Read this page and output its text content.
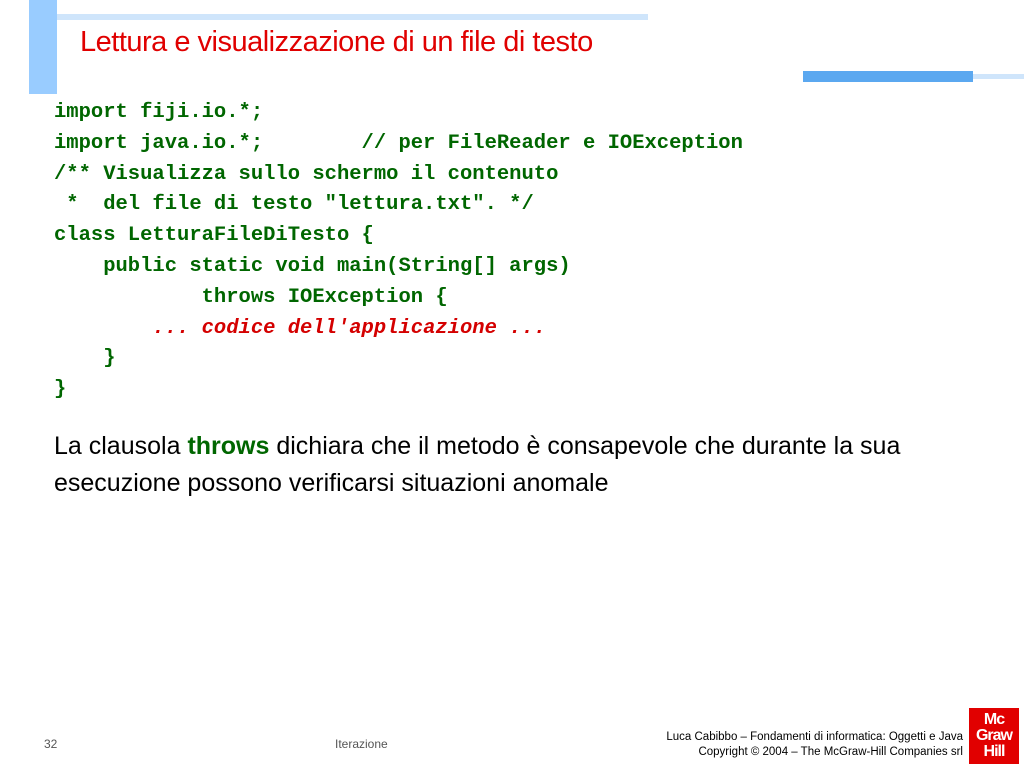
Lettura e visualizzazione di un file di testo
import fiji.io.*;
import java.io.*;        // per FileReader e IOException
/** Visualizza sullo schermo il contenuto
*  del file di testo "lettura.txt". */
class LetturaFileDiTesto {
public static void main(String[] args)
throws IOException {
... codice dell'applicazione ...
}
}
La clausola throws dichiara che il metodo è consapevole che durante la sua esecuzione possono verificarsi situazioni anomale
32	Iterazione	Luca Cabibbo – Fondamenti di informatica: Oggetti e Java
Copyright © 2004 – The McGraw-Hill Companies srl
Mc
Graw
Hill
